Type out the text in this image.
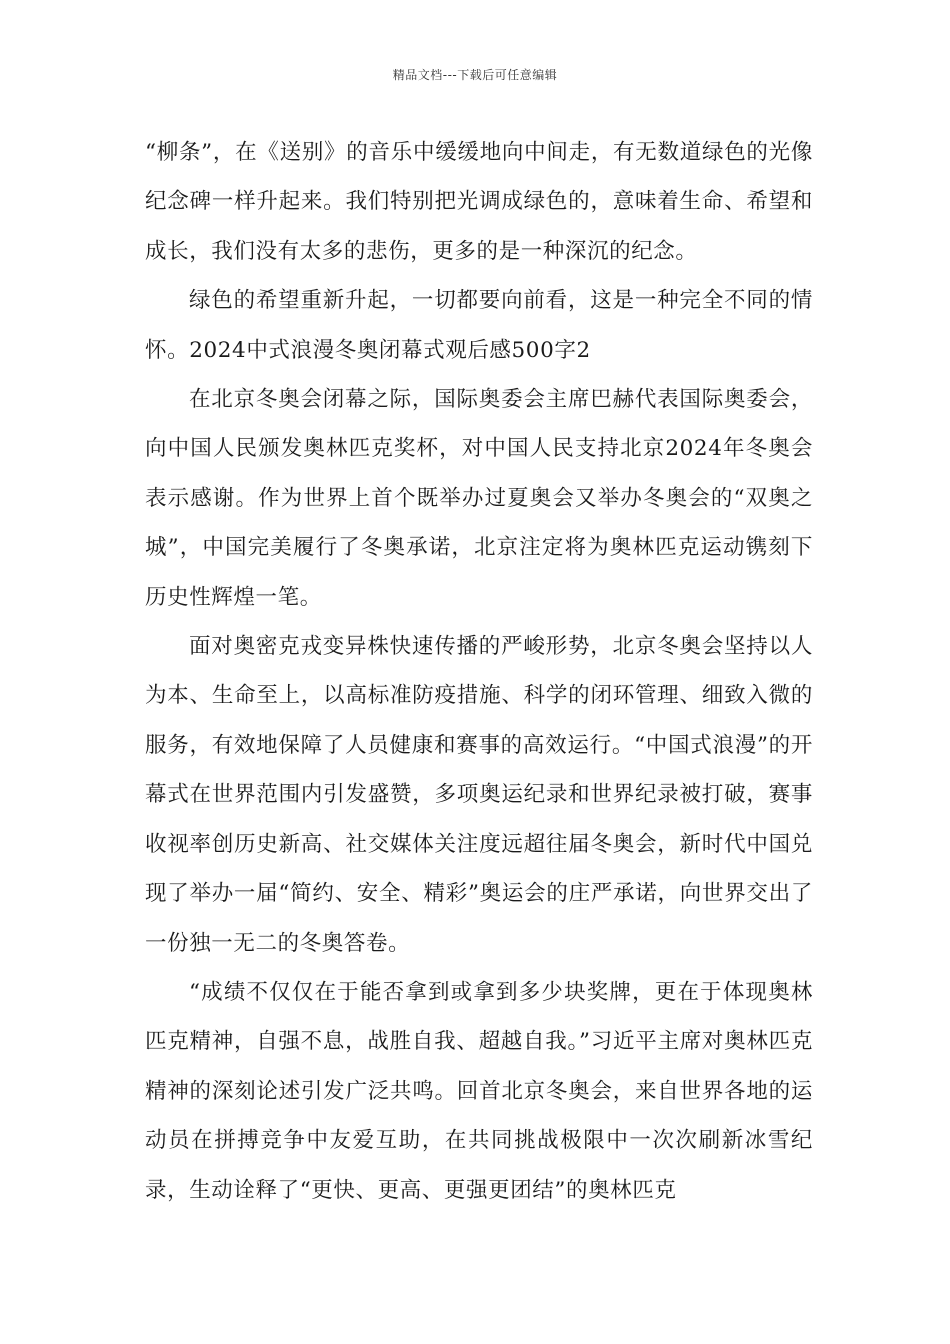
精品文档---下载后可任意编辑

“柳条”，在《送别》的音乐中缓缓地向中间走，有无数道绿色的光像纪念碑一样升起来。我们特别把光调成绿色的，意味着生命、希望和成长，我们没有太多的悲伤，更多的是一种深沉的纪念。

绿色的希望重新升起，一切都要向前看，这是一种完全不同的情怀。2024中式浪漫冬奥闭幕式观后感500字2

在北京冬奥会闭幕之际，国际奥委会主席巴赫代表国际奥委会，向中国人民颁发奥林匹克奖杯，对中国人民支持北京2024年冬奥会表示感谢。作为世界上首个既举办过夏奥会又举办冬奥会的“双奥之城”，中国完美履行了冬奥承诺，北京注定将为奥林匹克运动镌刻下历史性辉煌一笔。

面对奥密克戎变异株快速传播的严峻形势，北京冬奥会坚持以人为本、生命至上，以高标准防疫措施、科学的闭环管理、细致入微的服务，有效地保障了人员健康和赛事的高效运行。“中国式浪漫”的开幕式在世界范围内引发盛赞，多项奥运纪录和世界纪录被打破，赛事收视率创历史新高、社交媒体关注度远超往届冬奥会，新时代中国兑现了举办一届“简约、安全、精彩”奥运会的庄严承诺，向世界交出了一份独一无二的冬奥答卷。

“成绩不仅仅在于能否拿到或拿到多少块奖牌，更在于体现奥林匹克精神，自强不息，战胜自我、超越自我。”习近平主席对奥林匹克精神的深刻论述引发广泛共鸣。回首北京冬奥会，来自世界各地的运动员在拼搏竞争中友爱互助，在共同挑战极限中一次次刷新冰雪纪录，生动诠释了“更快、更高、更强更团结”的奥林匹克
